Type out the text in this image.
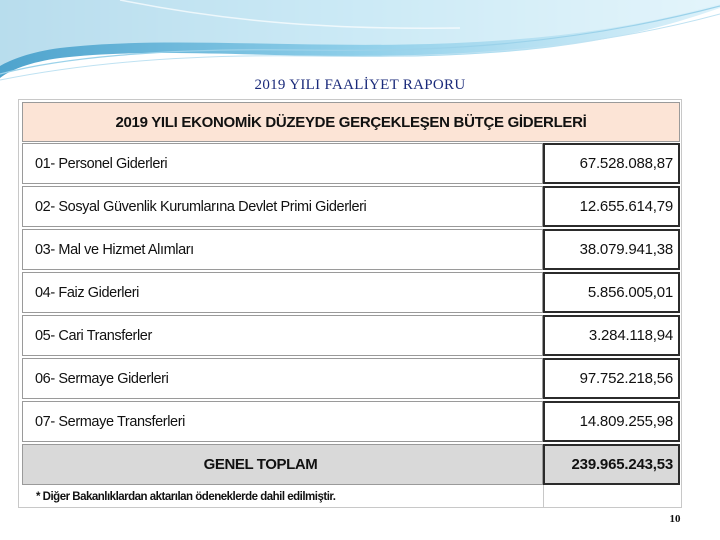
2019 YILI FAALİYET RAPORU
2019 YILI EKONOMİK DÜZEYDE GERÇEKLEŞEN BÜTÇE GİDERLERİ
01- Personel Giderleri	67.528.088,87
02- Sosyal Güvenlik Kurumlarına Devlet Primi Giderleri	12.655.614,79
03- Mal ve Hizmet Alımları	38.079.941,38
04- Faiz Giderleri	5.856.005,01
05- Cari Transferler	3.284.118,94
06- Sermaye Giderleri	97.752.218,56
07- Sermaye Transferleri	14.809.255,98
GENEL TOPLAM	239.965.243,53
* Diğer Bakanlıklardan aktarılan ödeneklerde dahil edilmiştir.
10
